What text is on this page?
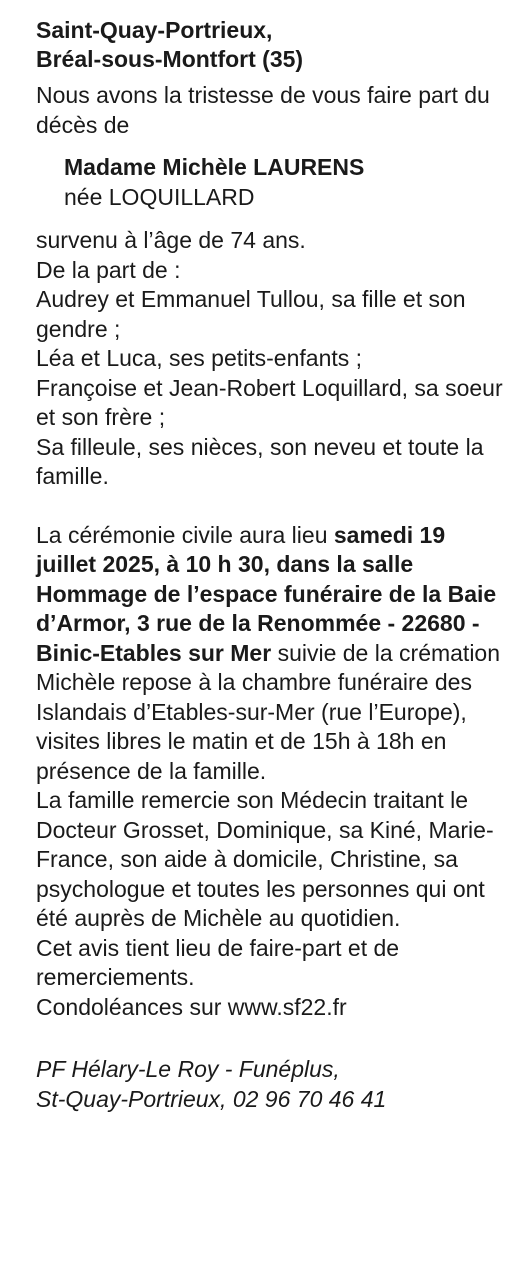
Saint-Quay-Portrieux,
Bréal-sous-Montfort (35)

Nous avons la tristesse de vous faire part du décès de

Madame Michèle LAURENS
née LOQUILLARD

survenu à l’âge de 74 ans.

De la part de :

Audrey et Emmanuel Tullou, sa fille et son gendre ;

Léa et Luca, ses petits-enfants ;

Françoise et Jean-Robert Loquillard, sa soeur et son frère ;

Sa filleule, ses nièces, son neveu et toute la famille.

La cérémonie civile aura lieu samedi 19 juillet 2025, à 10 h 30, dans la salle Hommage de l’espace funéraire de la Baie d’Armor, 3 rue de la Renommée - 22680 - Binic-Etables sur Mer suivie de la crémation

Michèle repose à la chambre funéraire des Islandais d’Etables-sur-Mer (rue l’Europe), visites libres le matin et de 15h à 18h en présence de la famille.

La famille remercie son Médecin traitant le Docteur Grosset, Dominique, sa Kiné, Marie-France, son aide à domicile, Christine, sa psychologue et toutes les personnes qui ont été auprès de Michèle au quotidien.

Cet avis tient lieu de faire-part et de remerciements.

Condoléances sur www.sf22.fr

PF Hélary-Le Roy - Funéplus,
St-Quay-Portrieux, 02 96 70 46 41
